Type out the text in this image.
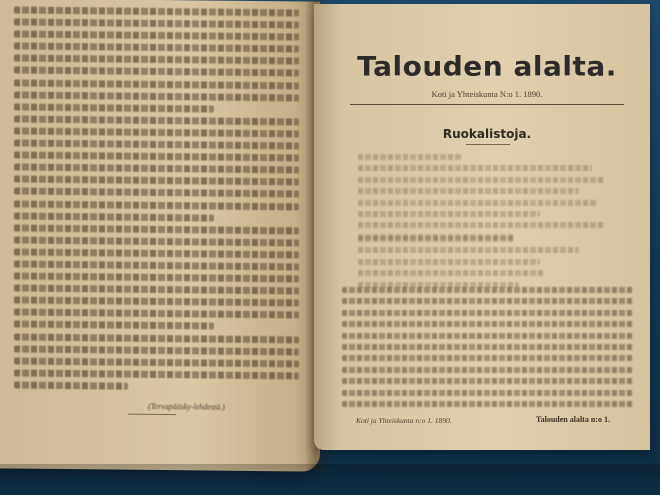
(Tervapääsky-lehdestä.)
Talouden alalta.
Koti ja Yhteiskunta N:o 1. 1890.
Ruokalistoja.
Koti ja Yhteiskunta n:o 1. 1890.	Talouden alalta n:o 1.
